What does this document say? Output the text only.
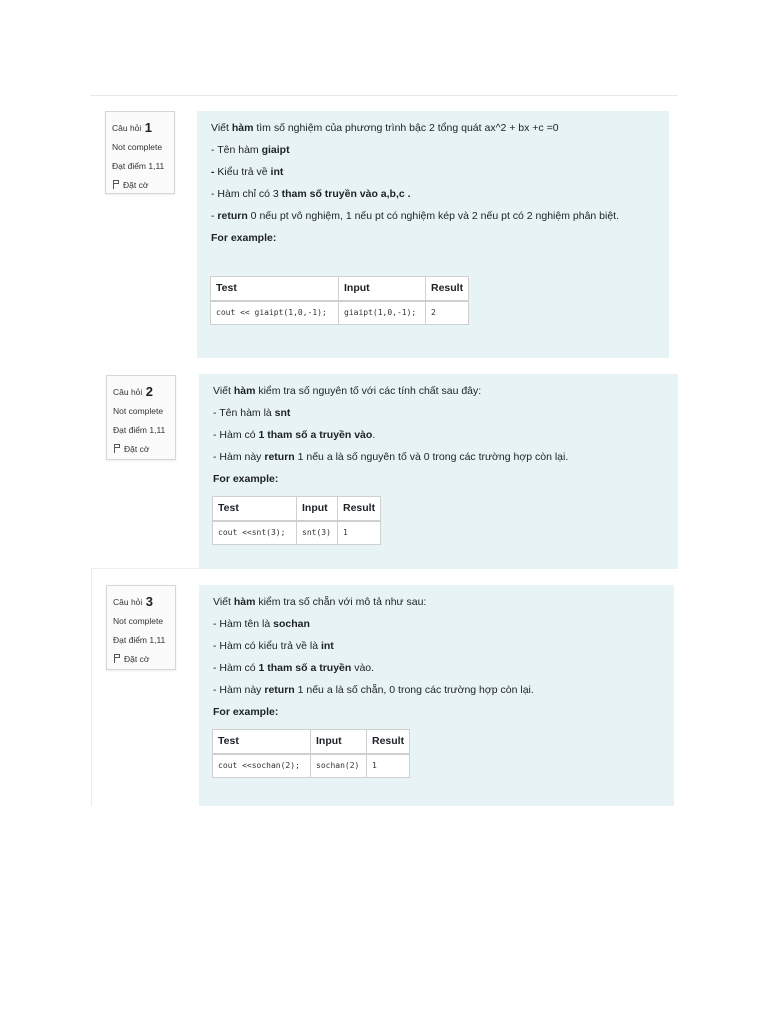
Câu hỏi 1
Not complete
Đạt điểm 1,11
Đặt cờ

Viết hàm tìm số nghiệm của phương trình bậc 2 tổng quát ax^2 + bx +c =0

- Tên hàm giaipt

- Kiểu trả về int

- Hàm chỉ có 3 tham số truyền vào a,b,c .

- return 0 nếu pt vô nghiệm, 1 nếu pt có nghiệm kép và 2 nếu pt có 2 nghiệm phân biệt.

For example:

Test	Input	Result
cout << giaipt(1,0,-1);	giaipt(1,0,-1);	2
Câu hỏi 2
Not complete
Đạt điểm 1,11
Đặt cờ

Viết hàm kiểm tra số nguyên tố với các tính chất sau đây:

- Tên hàm là snt

- Hàm có 1 tham số a truyền vào.

- Hàm này return 1 nếu a là số nguyên tố và 0 trong các trường hợp còn lại.

For example:

Test	Input	Result
cout <<snt(3);	snt(3)	1
Câu hỏi 3
Not complete
Đạt điểm 1,11
Đặt cờ

Viết hàm kiểm tra số chẵn với mô tả như sau:

- Hàm tên là sochan

- Hàm có kiểu trả về là int

- Hàm có 1 tham số a truyền vào.

- Hàm này return 1 nếu a là số chẵn, 0 trong các trường hợp còn lại.

For example:

Test	Input	Result
cout <<sochan(2);	sochan(2)	1
